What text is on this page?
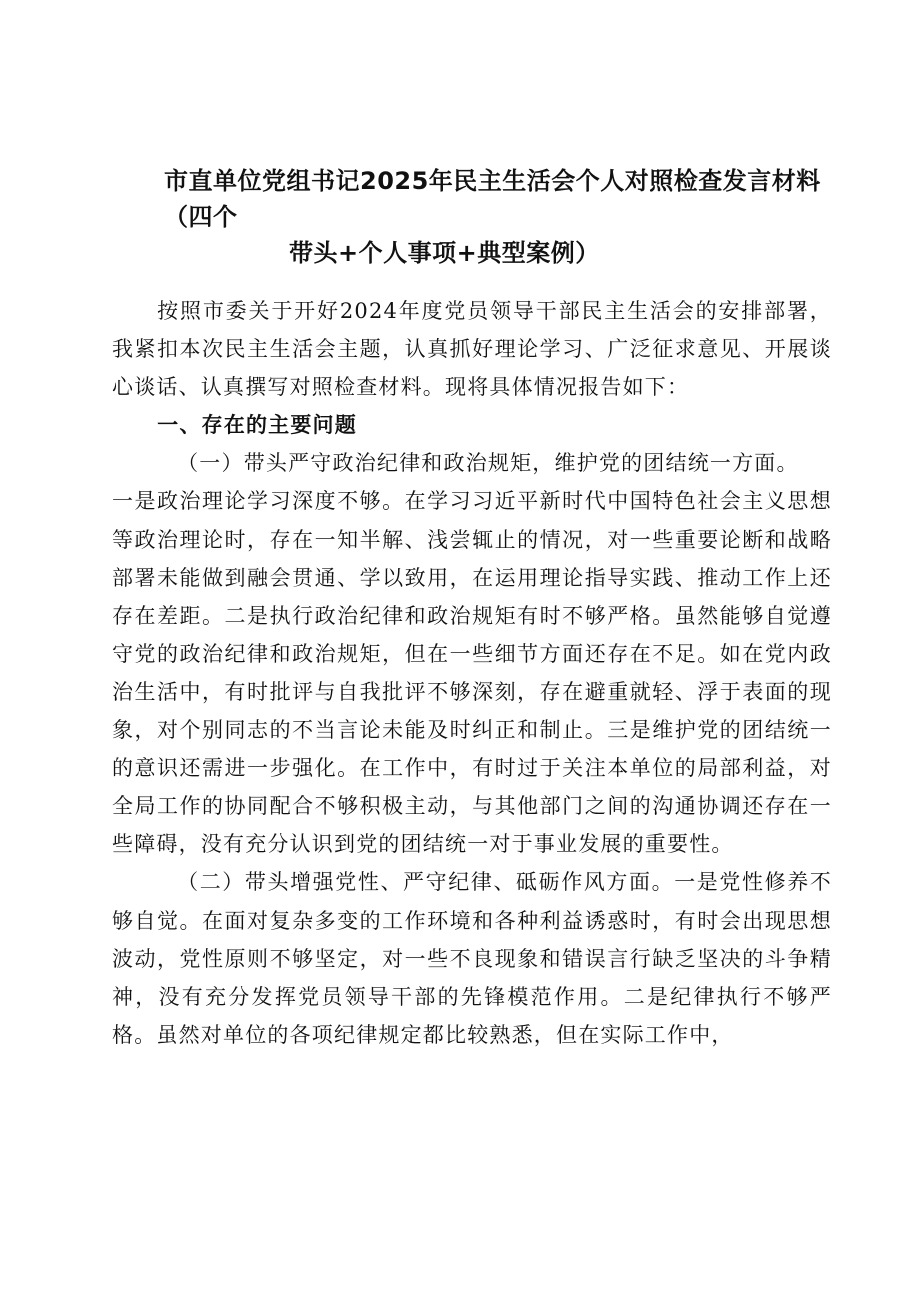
市直单位党组书记2025年民主生活会个人对照检查发言材料（四个
带头+个人事项+典型案例）

按照市委关于开好2024年度党员领导干部民主生活会的安排部署，我紧扣本次民主生活会主题，认真抓好理论学习、广泛征求意见、开展谈心谈话、认真撰写对照检查材料。现将具体情况报告如下：

一、存在的主要问题

（一）带头严守政治纪律和政治规矩，维护党的团结统一方面。

一是政治理论学习深度不够。在学习习近平新时代中国特色社会主义思想等政治理论时，存在一知半解、浅尝辄止的情况，对一些重要论断和战略部署未能做到融会贯通、学以致用，在运用理论指导实践、推动工作上还存在差距。二是执行政治纪律和政治规矩有时不够严格。虽然能够自觉遵守党的政治纪律和政治规矩，但在一些细节方面还存在不足。如在党内政治生活中，有时批评与自我批评不够深刻，存在避重就轻、浮于表面的现象，对个别同志的不当言论未能及时纠正和制止。三是维护党的团结统一的意识还需进一步强化。在工作中，有时过于关注本单位的局部利益，对全局工作的协同配合不够积极主动，与其他部门之间的沟通协调还存在一些障碍，没有充分认识到党的团结统一对于事业发展的重要性。

（二）带头增强党性、严守纪律、砥砺作风方面。一是党性修养不够自觉。在面对复杂多变的工作环境和各种利益诱惑时，有时会出现思想波动，党性原则不够坚定，对一些不良现象和错误言行缺乏坚决的斗争精神，没有充分发挥党员领导干部的先锋模范作用。二是纪律执行不够严格。虽然对单位的各项纪律规定都比较熟悉，但在实际工作中，
